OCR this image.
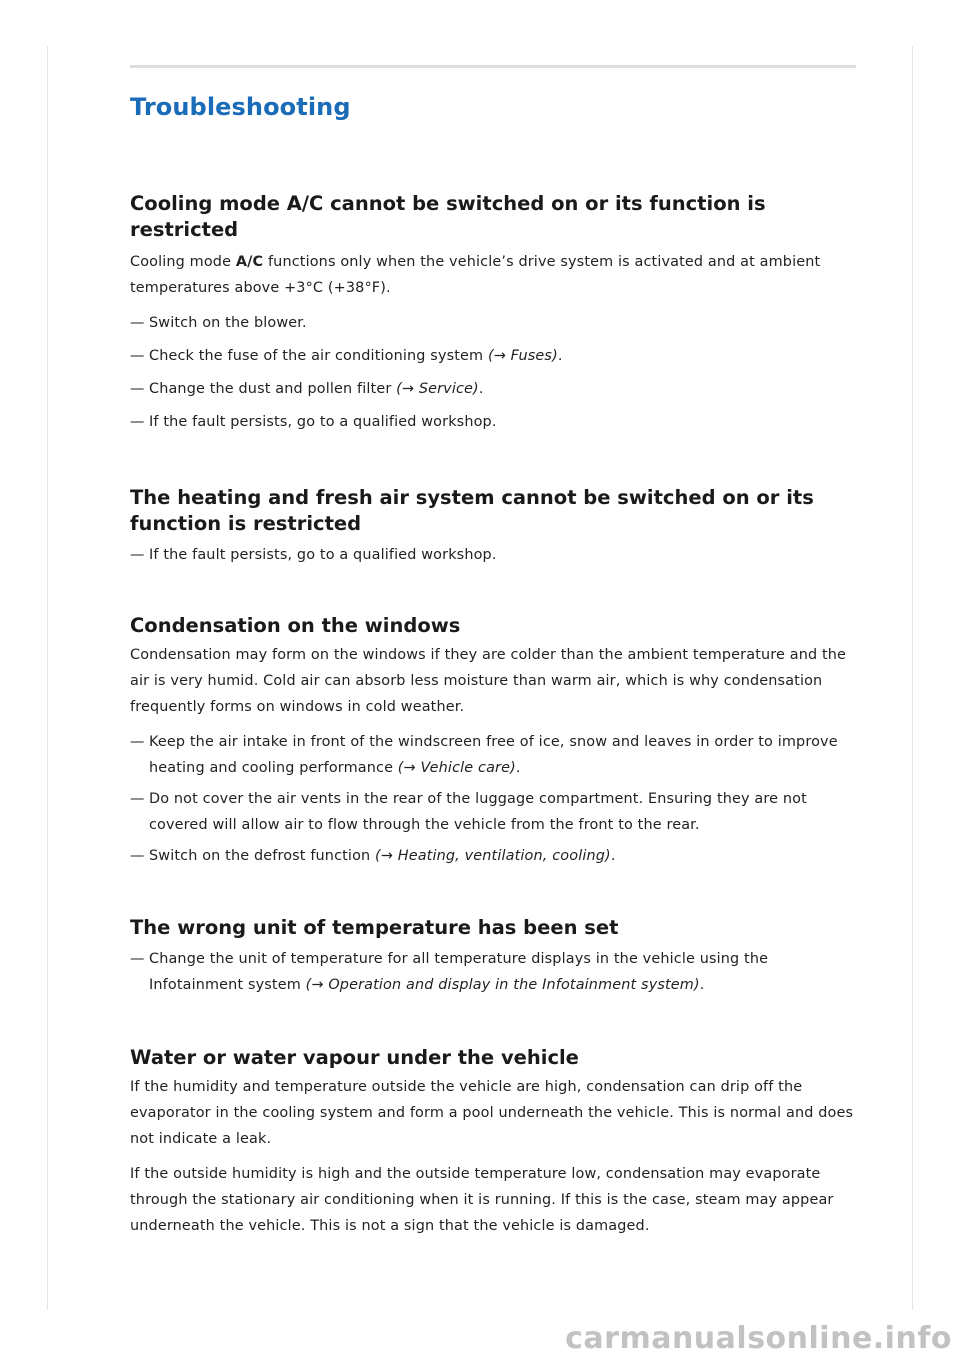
Troubleshooting
Cooling mode A/C cannot be switched on or its function is restricted

Cooling mode A/C functions only when the vehicle’s drive system is activated and at ambient temperatures above +3°C (+38°F).

— Switch on the blower.
— Check the fuse of the air conditioning system (→ Fuses).
— Change the dust and pollen filter (→ Service).
— If the fault persists, go to a qualified workshop.
The heating and fresh air system cannot be switched on or its function is restricted
— If the fault persists, go to a qualified workshop.
Condensation on the windows

Condensation may form on the windows if they are colder than the ambient temperature and the air is very humid. Cold air can absorb less moisture than warm air, which is why condensation frequently forms on windows in cold weather.

— Keep the air intake in front of the windscreen free of ice, snow and leaves in order to improve heating and cooling performance (→ Vehicle care).
— Do not cover the air vents in the rear of the luggage compartment. Ensuring they are not covered will allow air to flow through the vehicle from the front to the rear.
— Switch on the defrost function (→ Heating, ventilation, cooling).
The wrong unit of temperature has been set
— Change the unit of temperature for all temperature displays in the vehicle using the Infotainment system (→ Operation and display in the Infotainment system).
Water or water vapour under the vehicle

If the humidity and temperature outside the vehicle are high, condensation can drip off the evaporator in the cooling system and form a pool underneath the vehicle. This is normal and does not indicate a leak.

If the outside humidity is high and the outside temperature low, condensation may evaporate through the stationary air conditioning when it is running. If this is the case, steam may appear underneath the vehicle. This is not a sign that the vehicle is damaged.

carmanualsonline.info
